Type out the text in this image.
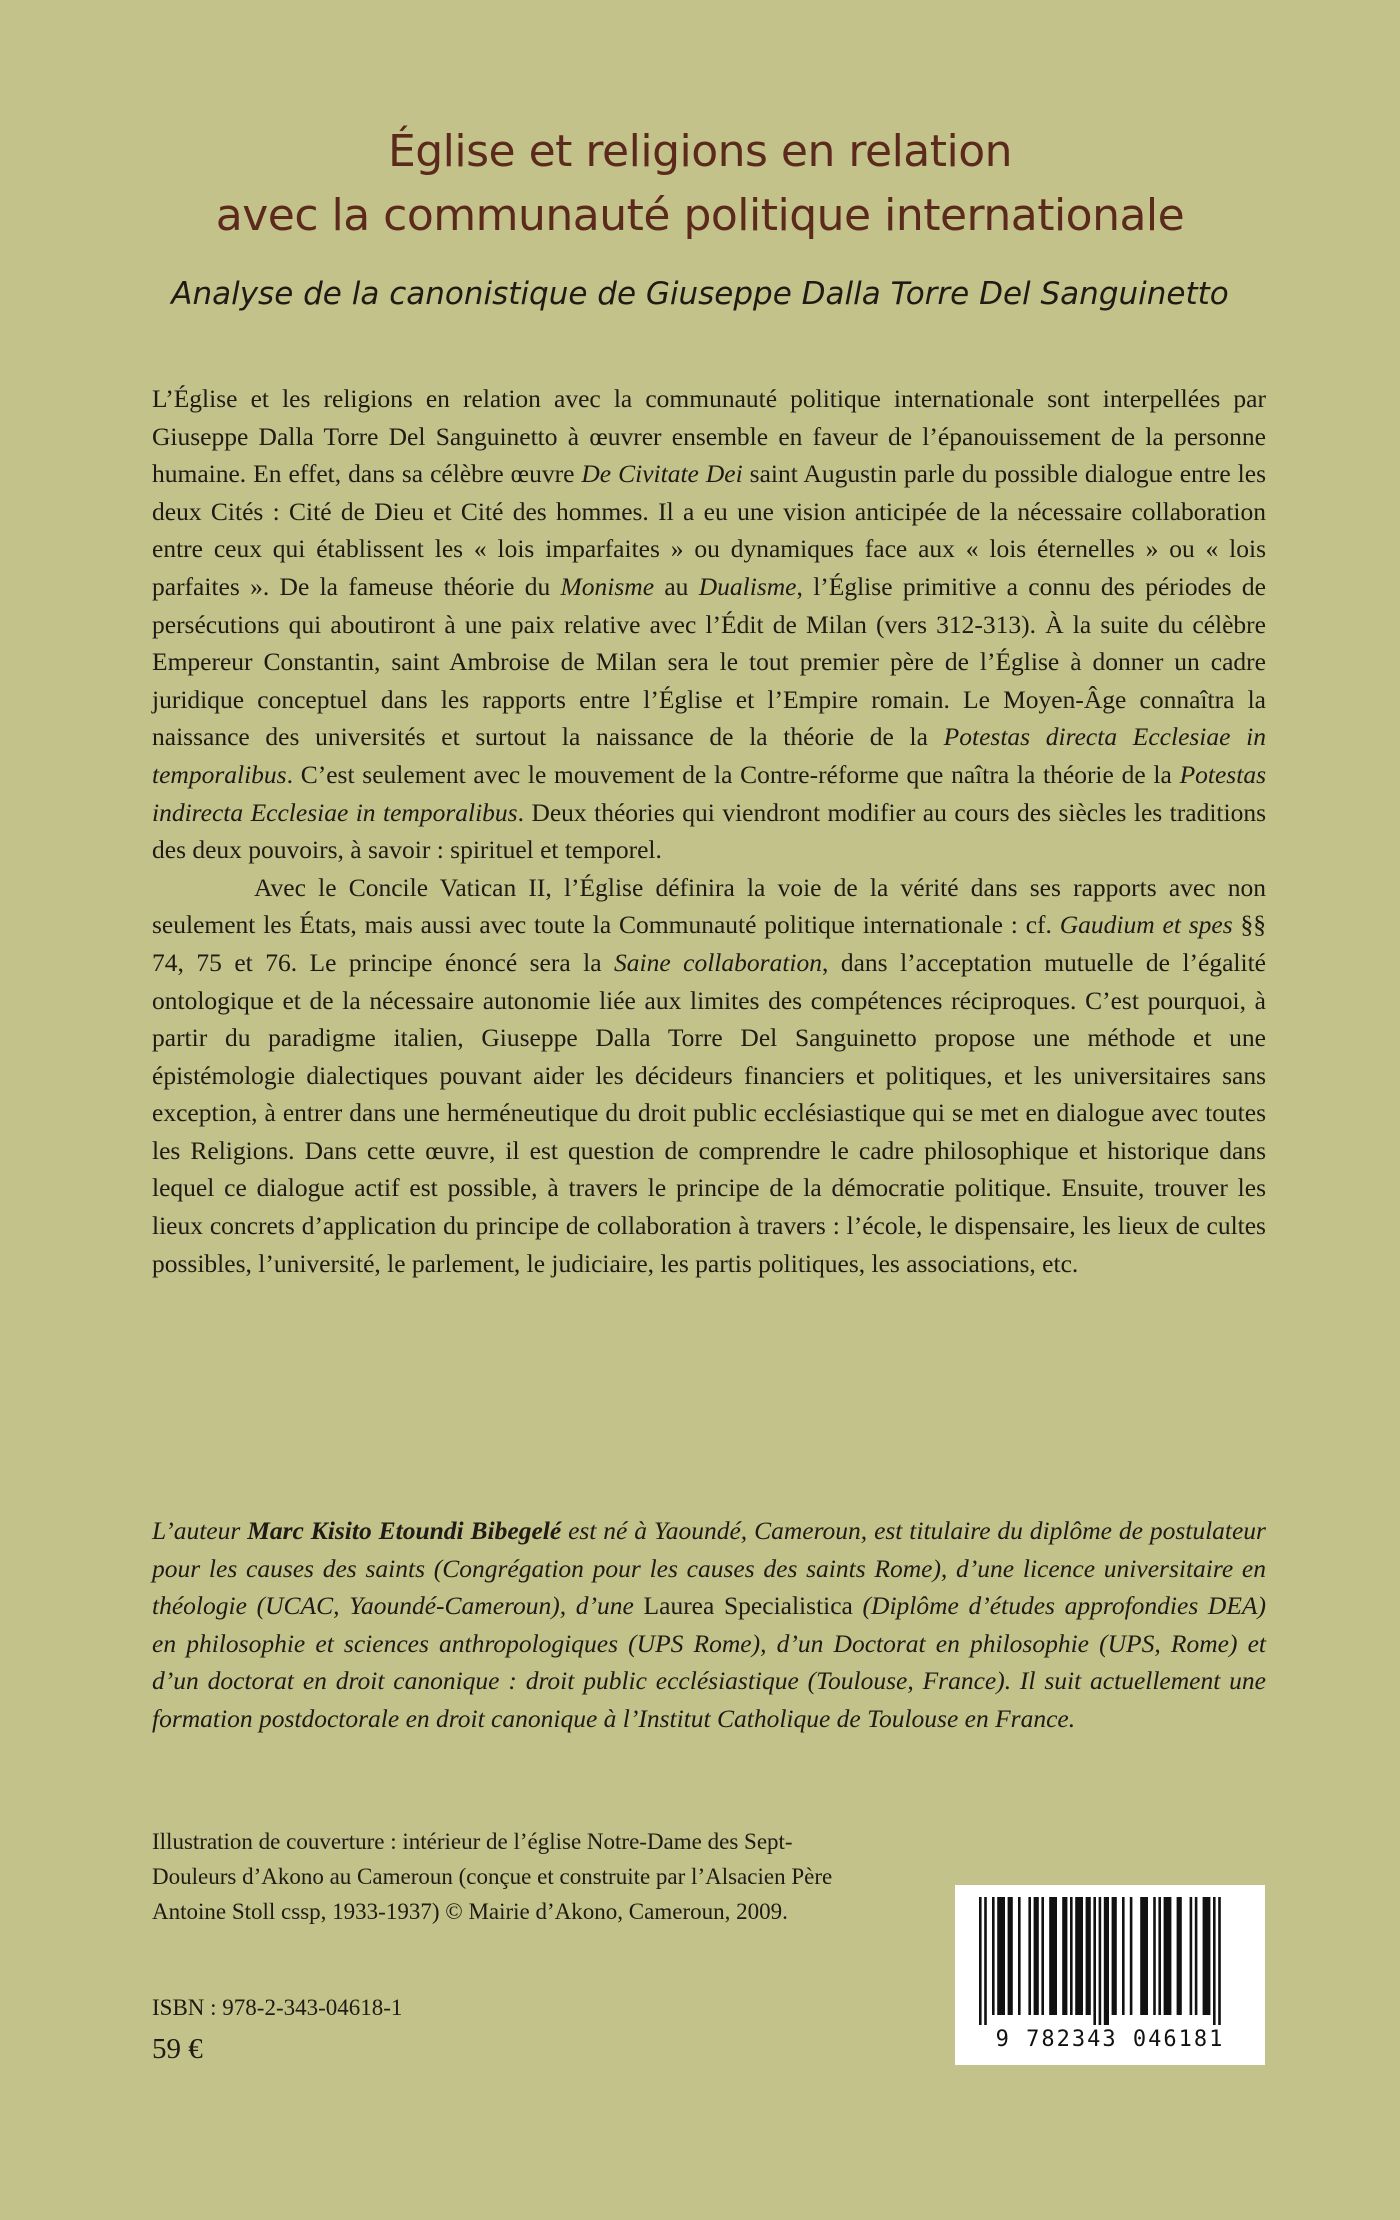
Église et religions en relation
avec la communauté politique internationale
Analyse de la canonistique de Giuseppe Dalla Torre Del Sanguinetto

L’Église et les religions en relation avec la communauté politique internationale sont interpellées par Giuseppe Dalla Torre Del Sanguinetto à œuvrer ensemble en faveur de l’épanouissement de la personne humaine. En effet, dans sa célèbre œuvre De Civitate Dei saint Augustin parle du possible dialogue entre les deux Cités : Cité de Dieu et Cité des hommes. Il a eu une vision anticipée de la nécessaire collaboration entre ceux qui établissent les « lois imparfaites » ou dynamiques face aux « lois éternelles » ou « lois parfaites ». De la fameuse théorie du Monisme au Dualisme, l’Église primitive a connu des périodes de persécutions qui aboutiront à une paix relative avec l’Édit de Milan (vers 312-313). À la suite du célèbre Empereur Constantin, saint Ambroise de Milan sera le tout premier père de l’Église à donner un cadre juridique conceptuel dans les rapports entre l’Église et l’Empire romain. Le Moyen-Âge connaîtra la naissance des universités et surtout la naissance de la théorie de la Potestas directa Ecclesiae in temporalibus. C’est seulement avec le mouvement de la Contre-réforme que naîtra la théorie de la Potestas indirecta Ecclesiae in temporalibus. Deux théories qui viendront modifier au cours des siècles les traditions des deux pouvoirs, à savoir : spirituel et temporel.

Avec le Concile Vatican II, l’Église définira la voie de la vérité dans ses rapports avec non seulement les États, mais aussi avec toute la Communauté politique internationale : cf. Gaudium et spes §§ 74, 75 et 76. Le principe énoncé sera la Saine collaboration, dans l’acceptation mutuelle de l’égalité ontologique et de la nécessaire autonomie liée aux limites des compétences réciproques. C’est pourquoi, à partir du paradigme italien, Giuseppe Dalla Torre Del Sanguinetto propose une méthode et une épistémologie dialectiques pouvant aider les décideurs financiers et politiques, et les universitaires sans exception, à entrer dans une herméneutique du droit public ecclésiastique qui se met en dialogue avec toutes les Religions. Dans cette œuvre, il est question de comprendre le cadre philosophique et historique dans lequel ce dialogue actif est possible, à travers le principe de la démocratie politique. Ensuite, trouver les lieux concrets d’application du principe de collaboration à travers : l’école, le dispensaire, les lieux de cultes possibles, l’université, le parlement, le judiciaire, les partis politiques, les associations, etc.

L’auteur Marc Kisito Etoundi Bibegelé est né à Yaoundé, Cameroun, est titulaire du diplôme de postulateur pour les causes des saints (Congrégation pour les causes des saints Rome), d’une licence universitaire en théologie (UCAC, Yaoundé-Cameroun), d’une Laurea Specialistica (Diplôme d’études approfondies DEA) en philosophie et sciences anthropologiques (UPS Rome), d’un Doctorat en philosophie (UPS, Rome) et d’un doctorat en droit canonique : droit public ecclésiastique (Toulouse, France). Il suit actuellement une formation postdoctorale en droit canonique à l’Institut Catholique de Toulouse en France.
Illustration de couverture : intérieur de l’église Notre-Dame des Sept-Douleurs d’Akono au Cameroun (conçue et construite par l’Alsacien Père Antoine Stoll cssp, 1933-1937) © Mairie d’Akono, Cameroun, 2009.
ISBN : 978-2-343-04618-1
59 €	9 782343 046181
